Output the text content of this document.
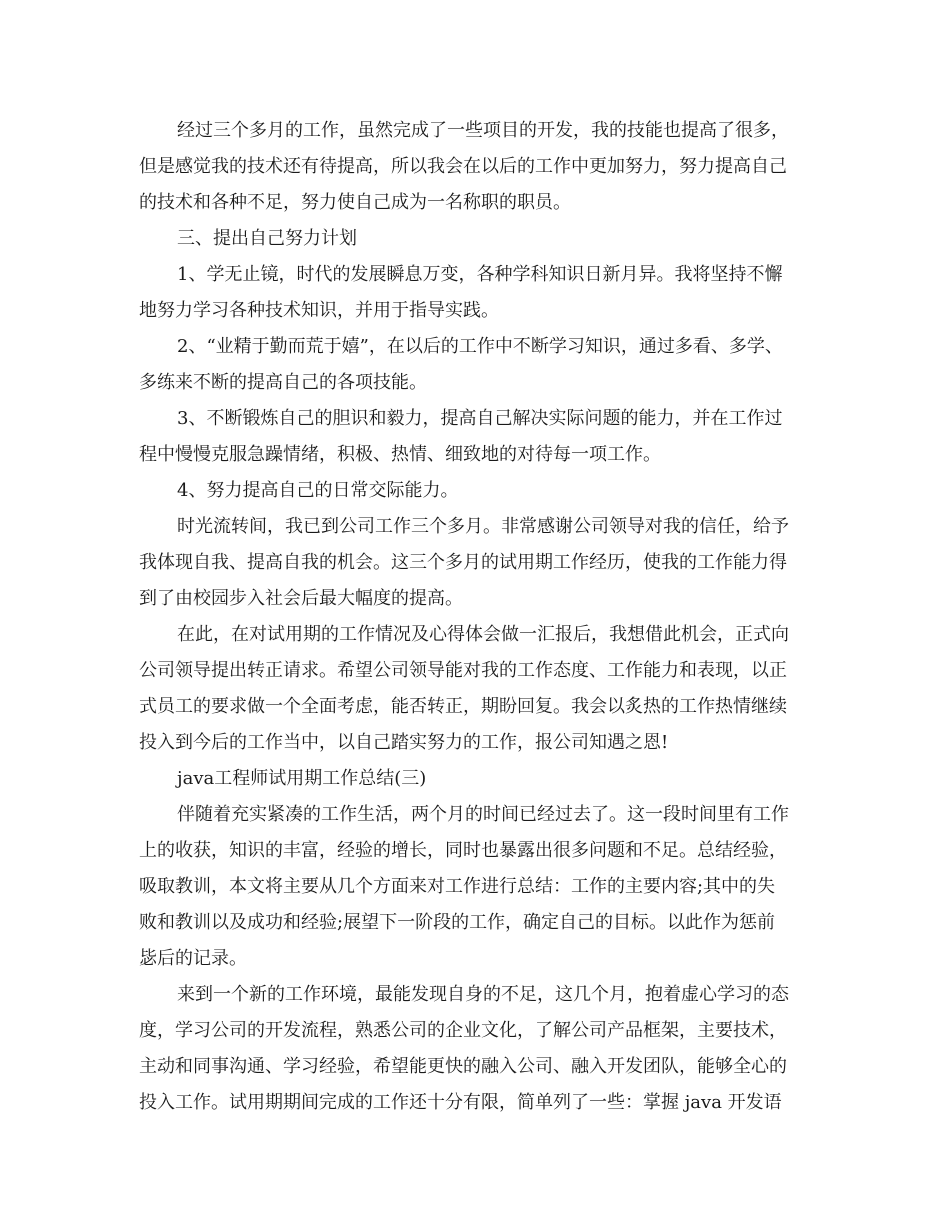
经过三个多月的工作，虽然完成了一些项目的开发，我的技能也提高了很多，
但是感觉我的技术还有待提高，所以我会在以后的工作中更加努力，努力提高自己
的技术和各种不足，努力使自己成为一名称职的职员。
三、提出自己努力计划
1、学无止镜，时代的发展瞬息万变，各种学科知识日新月异。我将坚持不懈
地努力学习各种技术知识，并用于指导实践。
2、“业精于勤而荒于嬉”，在以后的工作中不断学习知识，通过多看、多学、
多练来不断的提高自己的各项技能。
3、不断锻炼自己的胆识和毅力，提高自己解决实际问题的能力，并在工作过
程中慢慢克服急躁情绪，积极、热情、细致地的对待每一项工作。
4、努力提高自己的日常交际能力。
时光流转间，我已到公司工作三个多月。非常感谢公司领导对我的信任，给予
我体现自我、提高自我的机会。这三个多月的试用期工作经历，使我的工作能力得
到了由校园步入社会后最大幅度的提高。
在此，在对试用期的工作情况及心得体会做一汇报后，我想借此机会，正式向
公司领导提出转正请求。希望公司领导能对我的工作态度、工作能力和表现，以正
式员工的要求做一个全面考虑，能否转正，期盼回复。我会以炙热的工作热情继续
投入到今后的工作当中，以自己踏实努力的工作，报公司知遇之恩!
java工程师试用期工作总结(三)
伴随着充实紧凑的工作生活，两个月的时间已经过去了。这一段时间里有工作
上的收获，知识的丰富，经验的增长，同时也暴露出很多问题和不足。总结经验，
吸取教训，本文将主要从几个方面来对工作进行总结：工作的主要内容;其中的失
败和教训以及成功和经验;展望下一阶段的工作，确定自己的目标。以此作为惩前
毖后的记录。
来到一个新的工作环境，最能发现自身的不足，这几个月，抱着虚心学习的态
度，学习公司的开发流程，熟悉公司的企业文化，了解公司产品框架，主要技术，
主动和同事沟通、学习经验，希望能更快的融入公司、融入开发团队，能够全心的
投入工作。试用期期间完成的工作还十分有限，简单列了一些：掌握 java 开发语
